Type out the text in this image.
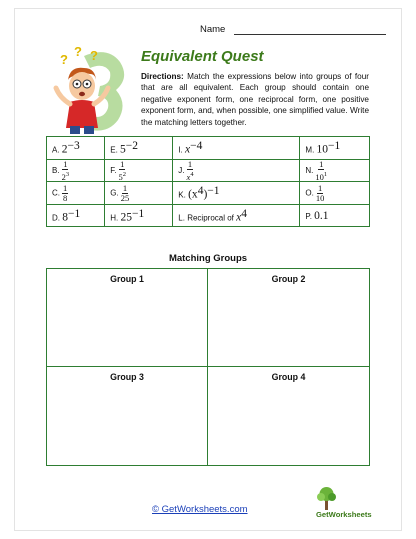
Name
?
? ?	Equivalent Quest
Directions: Match the expressions below into groups of four that are all equivalent. Each group should contain one negative exponent form, one reciprocal form, one positive exponent form, and, when possible, one simplified value. Write the matching letters together.
A. $2^{-3}$	E. $5^{-2}$	I. $x^{-4}$	M. $10^{-1}$
B. $\frac{1}{2^3}$	F. $\frac{1}{5^2}$	J. $\frac{1}{x^4}$	N. $\frac{1}{10^1}$

C. $\frac{1}{8}$	G. $\frac{1}{25}$	K. $(x^4)^{-1}$	O. $\frac{1}{10}$

D. $8^{-1}$	H. $25^{-1}$	L. Reciprocal of $x^4$	P. 0.1
Matching Groups
Group 1	Group 2
Group 3	Group 4
© GetWorksheets.com	GetWorksheets
